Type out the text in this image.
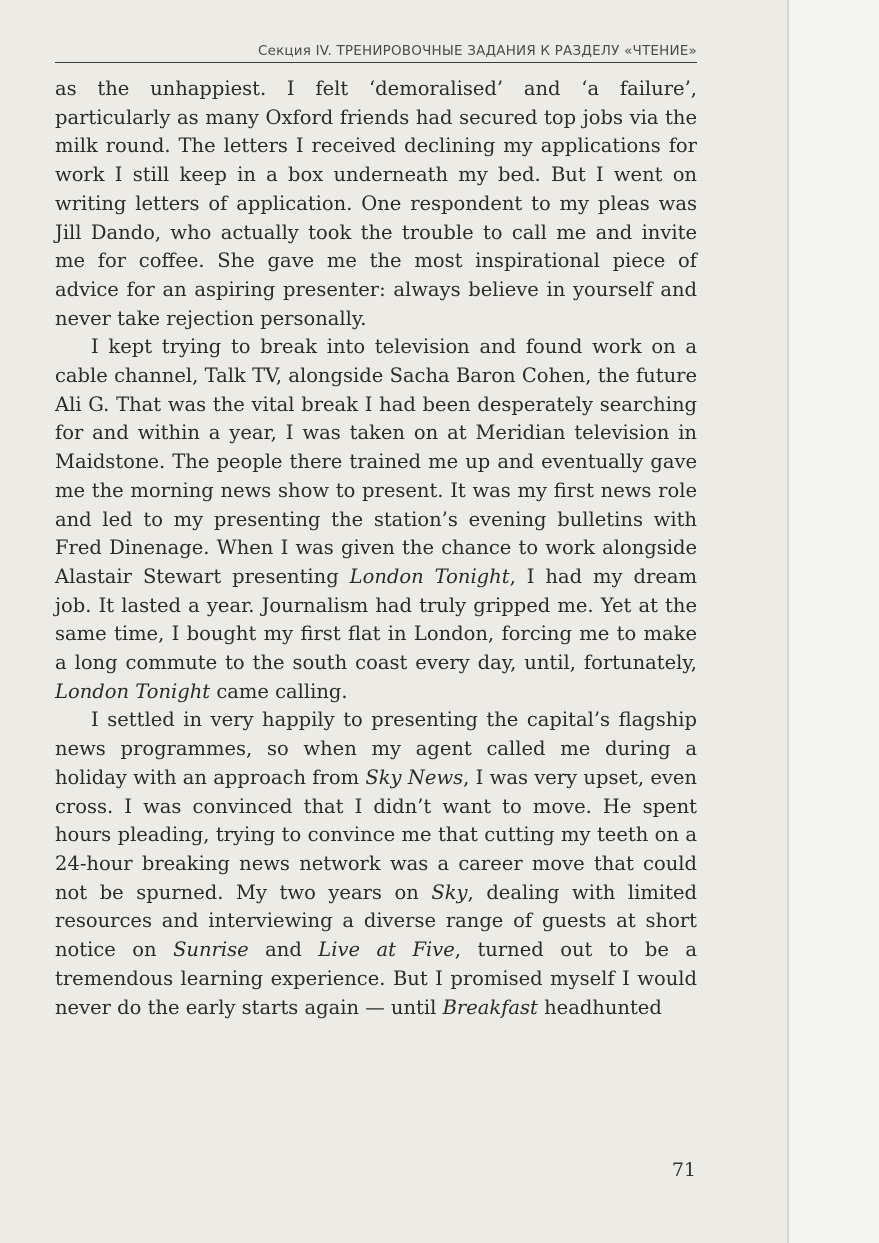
Секция IV. ТРЕНИРОВОЧНЫЕ ЗАДАНИЯ К РАЗДЕЛУ «ЧТЕНИЕ»

as the unhappiest. I felt ‘demoralised’ and ‘a failure’, particularly as many Oxford friends had secured top jobs via the milk round. The letters I received declining my applications for work I still keep in a box underneath my bed. But I went on writing letters of application. One respondent to my pleas was Jill Dando, who actually took the trouble to call me and invite me for coffee. She gave me the most inspirational piece of advice for an aspiring presenter: always believe in yourself and never take rejection personally.

I kept trying to break into television and found work on a cable channel, Talk TV, alongside Sacha Baron Cohen, the future Ali G. That was the vital break I had been desperately searching for and within a year, I was taken on at Meridian television in Maidstone. The people there trained me up and eventually gave me the morning news show to present. It was my first news role and led to my presenting the station’s evening bulletins with Fred Dinenage. When I was given the chance to work alongside Alastair Stewart presenting London Tonight, I had my dream job. It lasted a year. Journalism had truly gripped me. Yet at the same time, I bought my first flat in London, forcing me to make a long commute to the south coast every day, until, fortunately, London Tonight came calling.

I settled in very happily to presenting the capital’s flagship news programmes, so when my agent called me during a holiday with an approach from Sky News, I was very upset, even cross. I was convinced that I didn’t want to move. He spent hours pleading, trying to convince me that cutting my teeth on a 24-hour breaking news network was a career move that could not be spurned. My two years on Sky, dealing with limited resources and interviewing a diverse range of guests at short notice on Sunrise and Live at Five, turned out to be a tremendous learning experience. But I promised myself I would never do the early starts again — until Breakfast headhunted

71
